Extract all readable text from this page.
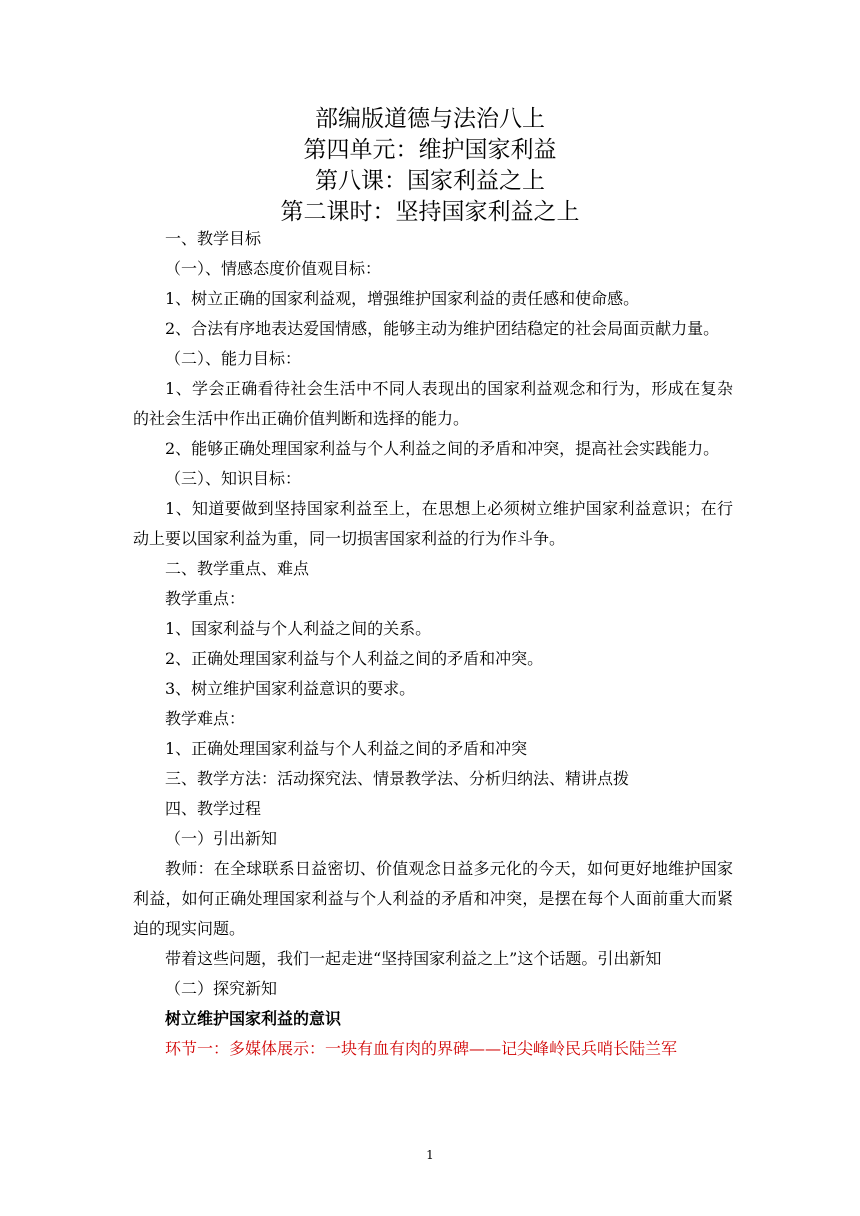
部编版道德与法治八上
第四单元：维护国家利益
第八课：国家利益之上
第二课时：坚持国家利益之上

一、教学目标

（一）、情感态度价值观目标：

1、树立正确的国家利益观，增强维护国家利益的责任感和使命感。

2、合法有序地表达爱国情感，能够主动为维护团结稳定的社会局面贡献力量。

（二）、能力目标：

1、学会正确看待社会生活中不同人表现出的国家利益观念和行为，形成在复杂的社会生活中作出正确价值判断和选择的能力。

2、能够正确处理国家利益与个人利益之间的矛盾和冲突，提高社会实践能力。

（三）、知识目标：

1、知道要做到坚持国家利益至上，在思想上必须树立维护国家利益意识；在行动上要以国家利益为重，同一切损害国家利益的行为作斗争。

二、教学重点、难点

教学重点：

1、国家利益与个人利益之间的关系。

2、正确处理国家利益与个人利益之间的矛盾和冲突。

3、树立维护国家利益意识的要求。

教学难点：

1、正确处理国家利益与个人利益之间的矛盾和冲突

三、教学方法：活动探究法、情景教学法、分析归纳法、精讲点拨

四、教学过程

（一）引出新知

教师：在全球联系日益密切、价值观念日益多元化的今天，如何更好地维护国家利益，如何正确处理国家利益与个人利益的矛盾和冲突，是摆在每个人面前重大而紧迫的现实问题。

带着这些问题，我们一起走进“坚持国家利益之上”这个话题。引出新知

（二）探究新知

树立维护国家利益的意识

环节一：多媒体展示：一块有血有肉的界碑——记尖峰岭民兵哨长陆兰军

1
